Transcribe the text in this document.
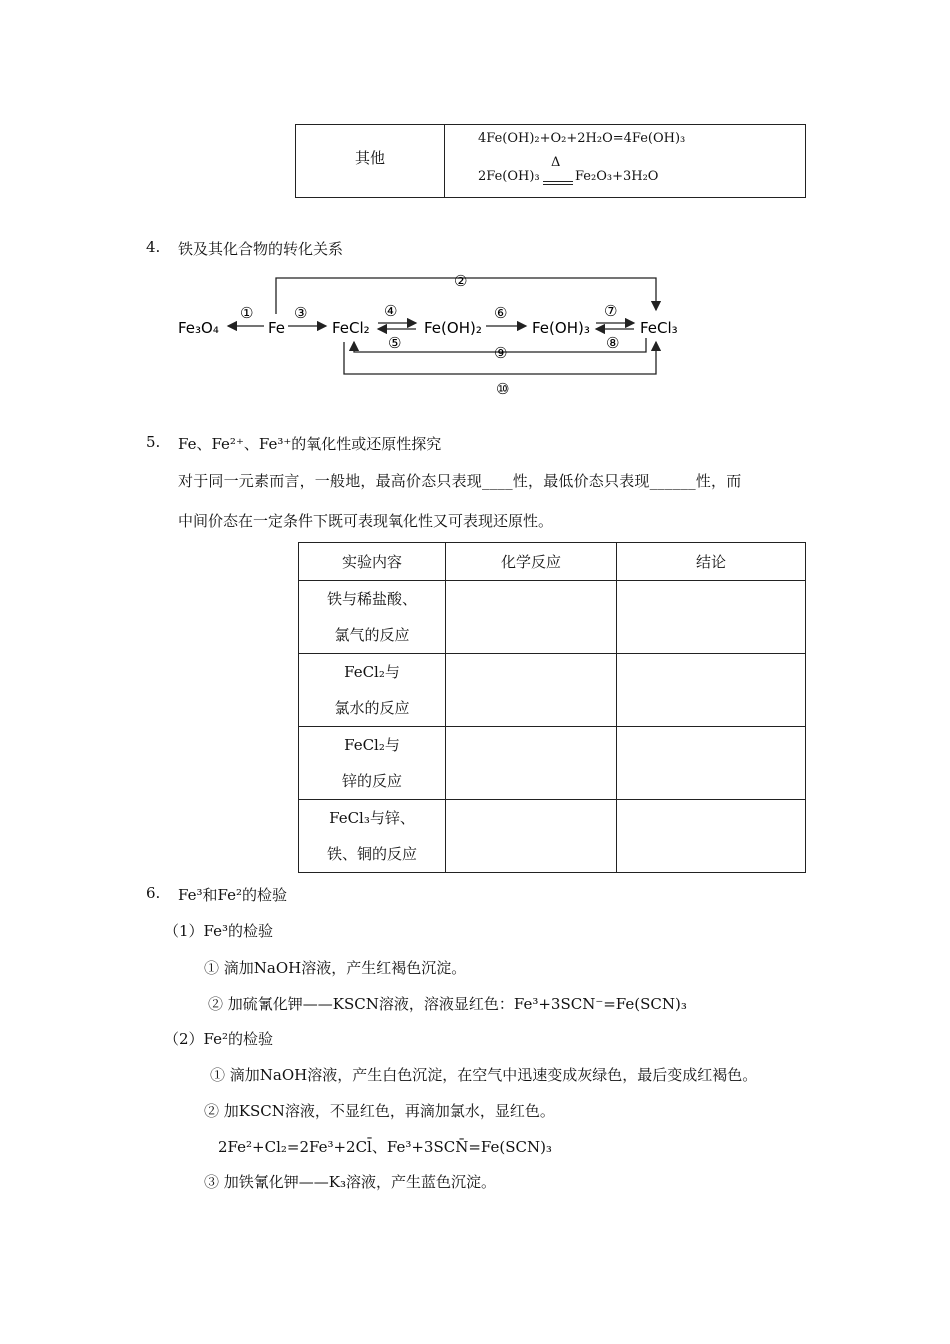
其他
4Fe(OH)₂+O₂+2H₂O=4Fe(OH)₃
2Fe(OH)₃
Δ
Fe₂O₃+3H₂O
4. 铁及其化合物的转化关系
Fe₃O₄	Fe	FeCl₂	Fe(OH)₂	Fe(OH)₃	FeCl₃
①	③
②
④
⑤
⑥	⑦
⑧
⑨
⑩
5. Fe、Fe²⁺、Fe³⁺的氧化性或还原性探究
对于同一元素而言，一般地，最高价态只表现____性，最低价态只表现______性，而
中间价态在一定条件下既可表现氧化性又可表现还原性。
实验内容	化学反应	结论

铁与稀盐酸、
氯气的反应		

FeCl₂与
氯水的反应		

FeCl₂与
锌的反应		

FeCl₃与锌、
铁、铜的反应		

6. Fe³和Fe²的检验
（1）Fe³的检验
① 滴加NaOH溶液，产生红褐色沉淀。
② 加硫氰化钾——KSCN溶液，溶液显红色：Fe³+3SCN⁻=Fe(SCN)₃
（2）Fe²的检验
① 滴加NaOH溶液，产生白色沉淀，在空气中迅速变成灰绿色，最后变成红褐色。
② 加KSCN溶液，不显红色，再滴加氯水，显红色。
2Fe²+Cl₂=2Fe³+2Cl̄、Fe³+3SCN̄=Fe(SCN)₃
③ 加铁氰化钾——K₃溶液，产生蓝色沉淀。
